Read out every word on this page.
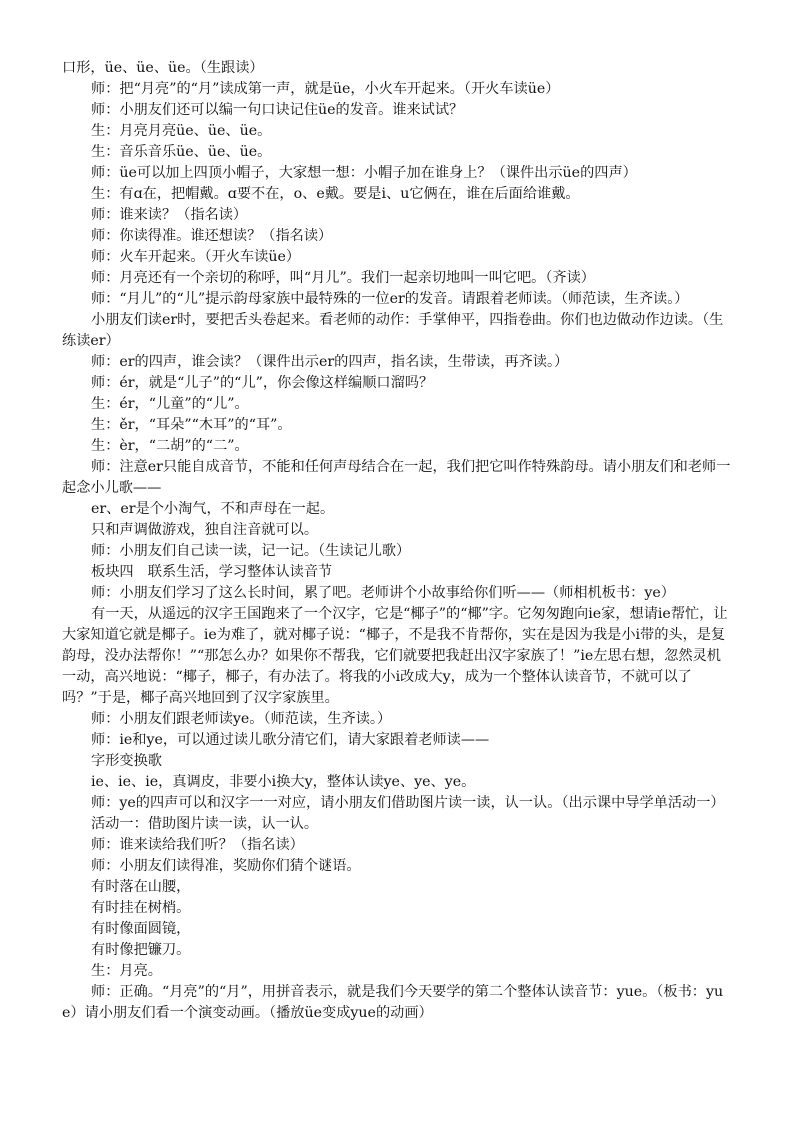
口形，üe、üe、üe。（生跟读）

师：把“月亮”的“月”读成第一声，就是üe，小火车开起来。（开火车读üe）

师：小朋友们还可以编一句口诀记住üe的发音。谁来试试？

生：月亮月亮üe、üe、üe。

生：音乐音乐üe、üe、üe。

师：üe可以加上四顶小帽子，大家想一想：小帽子加在谁身上？（课件出示üe的四声）

生：有ɑ在，把帽戴。ɑ要不在，o、e戴。要是i、u它俩在，谁在后面给谁戴。

师：谁来读？（指名读）

师：你读得准。谁还想读？（指名读）

师：火车开起来。（开火车读üe）

师：月亮还有一个亲切的称呼，叫“月儿”。我们一起亲切地叫一叫它吧。（齐读）

师：“月儿”的“儿”提示韵母家族中最特殊的一位er的发音。请跟着老师读。（师范读，生齐读。）

小朋友们读er时，要把舌头卷起来。看老师的动作：手掌伸平，四指卷曲。你们也边做动作边读。（生练读er）

师：er的四声，谁会读？（课件出示er的四声，指名读，生带读，再齐读。）

师：ér，就是“儿子”的“儿”，你会像这样编顺口溜吗？

生：ér，“儿童”的“儿”。

生：ěr，“耳朵”“木耳”的“耳”。

生：èr，“二胡”的“二”。

师：注意er只能自成音节，不能和任何声母结合在一起，我们把它叫作特殊韵母。请小朋友们和老师一起念小儿歌——

er、er是个小淘气，不和声母在一起。

只和声调做游戏，独自注音就可以。

师：小朋友们自己读一读，记一记。（生读记儿歌）

板块四　联系生活，学习整体认读音节

师：小朋友们学习了这么长时间，累了吧。老师讲个小故事给你们听——（师相机板书：ye）

有一天，从遥远的汉字王国跑来了一个汉字，它是“椰子”的“椰”字。它匆匆跑向ie家，想请ie帮忙，让大家知道它就是椰子。ie为难了，就对椰子说：“椰子，不是我不肯帮你，实在是因为我是小i带的头，是复韵母，没办法帮你！”“那怎么办？如果你不帮我，它们就要把我赶出汉字家族了！”ie左思右想，忽然灵机一动，高兴地说：“椰子，椰子，有办法了。将我的小i改成大y，成为一个整体认读音节，不就可以了吗？”于是，椰子高兴地回到了汉字家族里。

师：小朋友们跟老师读ye。（师范读，生齐读。）

师：ie和ye，可以通过读儿歌分清它们，请大家跟着老师读——

字形变换歌

ie、ie、ie，真调皮，非要小i换大y，整体认读ye、ye、ye。

师：ye的四声可以和汉字一一对应，请小朋友们借助图片读一读，认一认。（出示课中导学单活动一）

活动一：借助图片读一读，认一认。

师：谁来读给我们听？（指名读）

师：小朋友们读得准，奖励你们猜个谜语。

有时落在山腰，

有时挂在树梢。

有时像面圆镜，

有时像把镰刀。

生：月亮。

师：正确。“月亮”的“月”，用拼音表示，就是我们今天要学的第二个整体认读音节：yue。（板书：yue）请小朋友们看一个演变动画。（播放üe变成yue的动画）
